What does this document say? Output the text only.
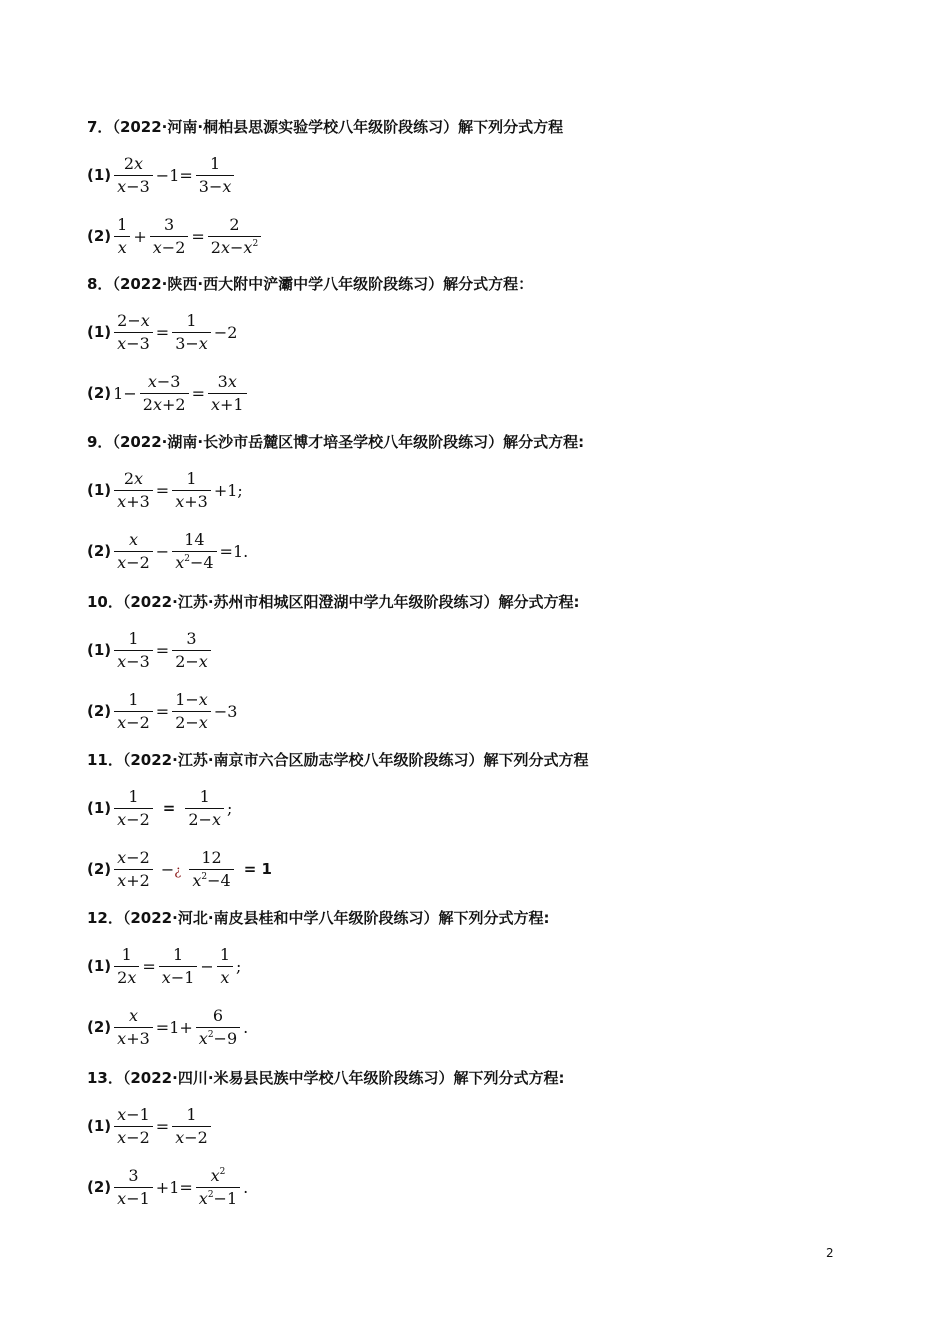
7．（2022·河南·桐柏县思源实验学校八年级阶段练习）解下列分式方程
$(1) \frac{2x}{x-3} -1= \frac{1}{3-x}$
$(2) \frac{1}{x} + \frac{3}{x-2} = \frac{2}{2x-x^2}$
8．（2022·陕西·西大附中浐灞中学八年级阶段练习）解分式方程：
$(1) \frac{2-x}{x-3} = \frac{1}{3-x} -2$
(2) $1- \frac{x-3}{2x+2} = \frac{3x}{x+1}$
9．（2022·湖南·长沙市岳麓区博才培圣学校八年级阶段练习）解分式方程:
$(1) \frac{2x}{x+3} = \frac{1}{x+3} +1$;
$(2) \frac{x}{x-2} - \frac{14}{x^2-4} =1$.
10．（2022·江苏·苏州市相城区阳澄湖中学九年级阶段练习）解分式方程:
$(1) \frac{1}{x-3} = \frac{3}{2-x}$
$(2) \frac{1}{x-2} = \frac{1-x}{2-x} -3$
11．（2022·江苏·南京市六合区励志学校八年级阶段练习）解下列分式方程
$(1) \frac{1}{x-2} = \frac{1}{2-x}$ ;
$(2) \frac{x-2}{x+2}$ −¿ $\frac{12}{x^2-4} = 1$
12．（2022·河北·南皮县桂和中学八年级阶段练习）解下列分式方程:
$(1) \frac{1}{2x} = \frac{1}{x-1} - \frac{1}{x}$ ;
$(2) \frac{x}{x+3} =1+ \frac{6}{x^2-9}$ .
13．（2022·四川·米易县民族中学校八年级阶段练习）解下列分式方程:
$(1) \frac{x-1}{x-2} = \frac{1}{x-2}$
$(2) \frac{3}{x-1} +1= \frac{x^2}{x^2-1}$ .
2
